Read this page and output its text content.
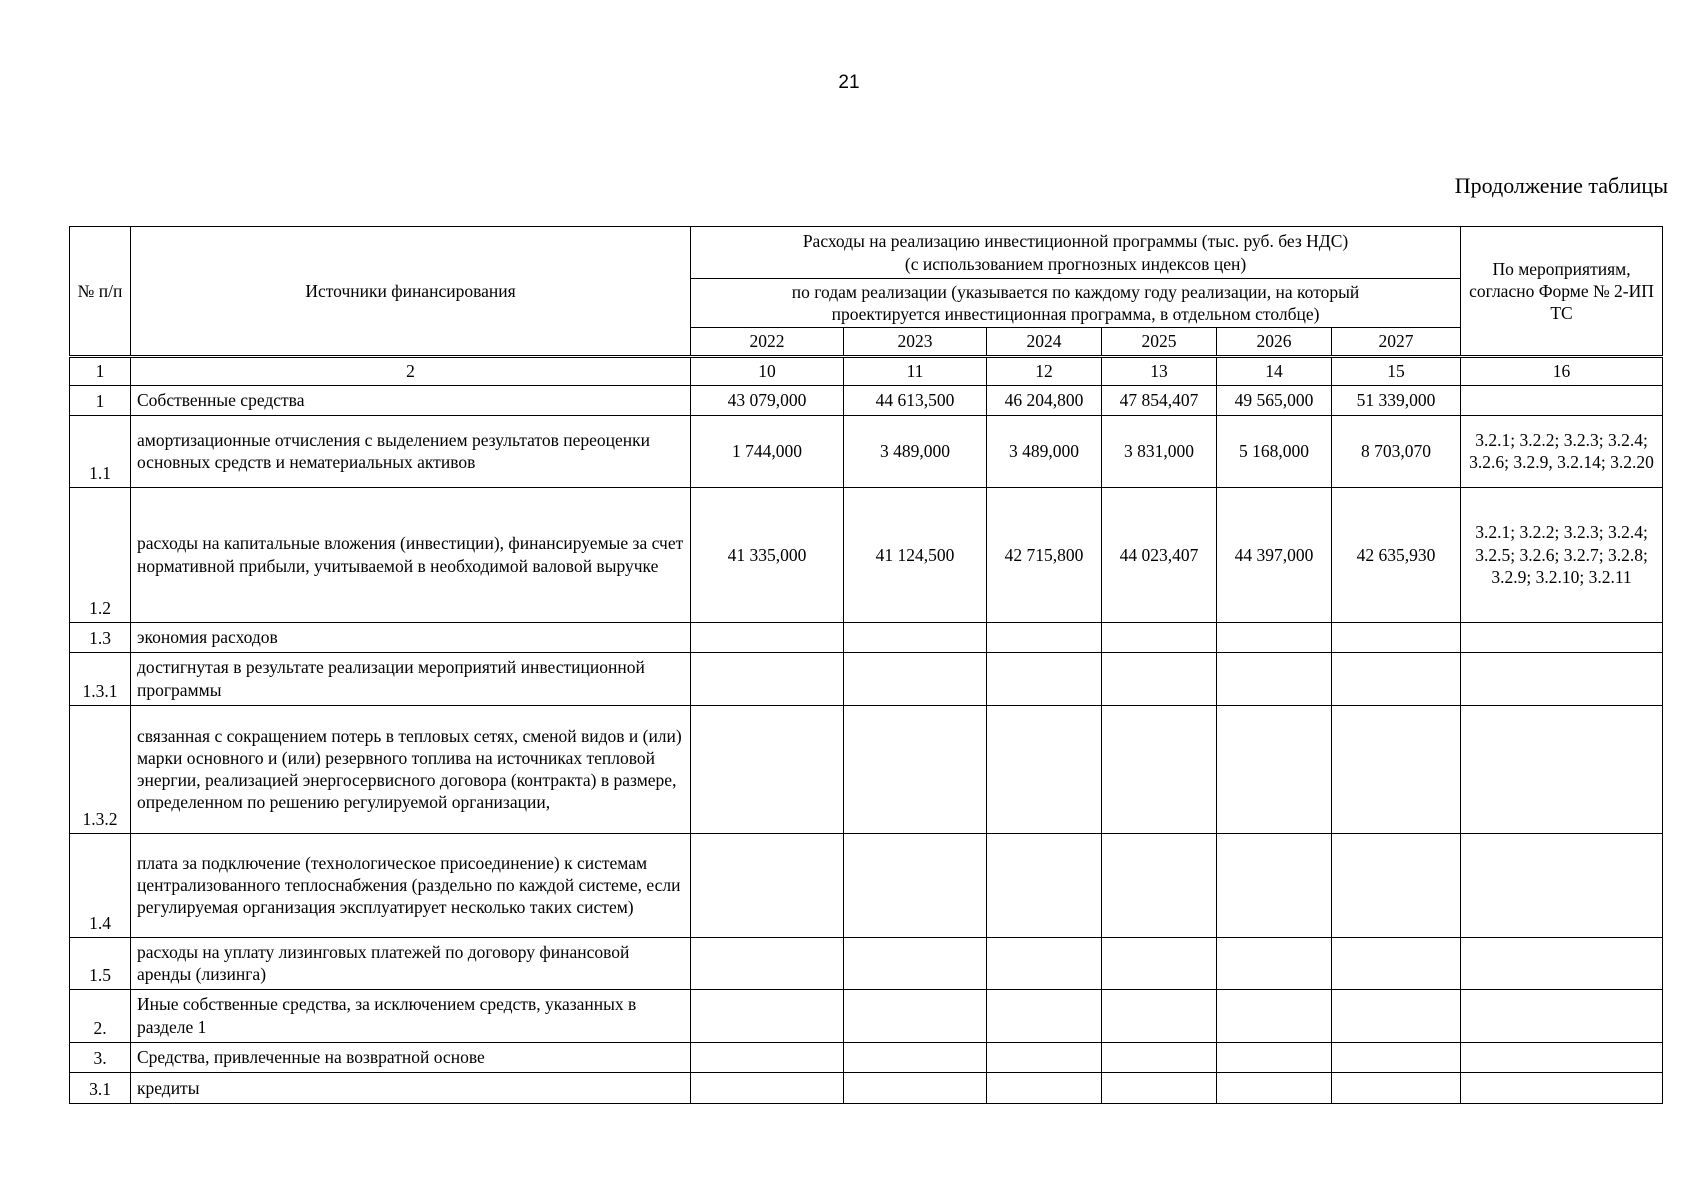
21
Продолжение таблицы
№ п/п	Источники финансирования	Расходы на реализацию инвестиционной программы (тыс. руб. без НДС)
(с использованием прогнозных индексов цен)						По мероприятиям, согласно Форме № 2-ИП ТС

		по годам реализации (указывается по каждому году реализации, на который
проектируется инвестиционная программа, в отдельном столбце)						

		2022	2023	2024	2025	2026	2027	
1	2	10	11	12	13	14	15	16
1	Собственные средства	43 079,000	44 613,500	46 204,800	47 854,407	49 565,000	51 339,000	
1.1	амортизационные отчисления с выделением результатов переоценки основных средств и нематериальных активов	1 744,000	3 489,000	3 489,000	3 831,000	5 168,000	8 703,070	3.2.1; 3.2.2; 3.2.3; 3.2.4; 3.2.6; 3.2.9, 3.2.14; 3.2.20
1.2	расходы на капитальные вложения (инвестиции), финансируемые за счет нормативной прибыли, учитываемой в необходимой валовой выручке	41 335,000	41 124,500	42 715,800	44 023,407	44 397,000	42 635,930	3.2.1; 3.2.2; 3.2.3; 3.2.4; 3.2.5; 3.2.6; 3.2.7; 3.2.8; 3.2.9; 3.2.10; 3.2.11
1.3	экономия расходов							
1.3.1	достигнутая в результате реализации мероприятий инвестиционной программы							
1.3.2	связанная с сокращением потерь в тепловых сетях, сменой видов и (или) марки основного и (или) резервного топлива на источниках тепловой энергии, реализацией энергосервисного договора (контракта) в размере, определенном по решению регулируемой организации,							
1.4	плата за подключение (технологическое присоединение) к системам централизованного теплоснабжения (раздельно по каждой системе, если регулируемая организация эксплуатирует несколько таких систем)							
1.5	расходы на уплату лизинговых платежей по договору финансовой аренды (лизинга)							
2.	Иные собственные средства, за исключением средств, указанных в разделе 1							
3.	Средства, привлеченные на возвратной основе							
3.1	кредиты							
